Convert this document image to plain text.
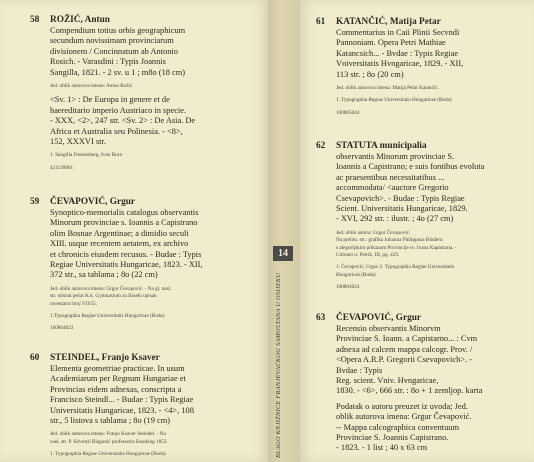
58 ROŽIĆ, Antun
Compendium totius orbis geographicum
secundum novissimam provinciarum
divisionem / Concinnatum ab Antonio
Rosich. - Varasdini : Typis Joannis
Sangilla, 1821. - 2 sv. u 1 ; m8o (18 cm)
Jed. oblik autorova imena: Antun Rožić.
<Sv. 1> : De Europa in genere et de
haereditario imperio Austriaco in specie.
- XXX, <2>, 247 str. <Sv. 2> : De Asia. De
Africa et Australia seu Polinesia. - <8>,
152, XXXVI str.
1. Sangilla Fressenberg, Ivan Đuro
421139001
59 ČEVAPOVIĆ, Grgur
Synoptico-memorialis catalogus observantis
Minorum provinciae s. Ioannis a Capistrano
olim Bosnae Argentinae; a dimidio seculi
XIII. usque recentem aetatem, ex archivo
et chronicis eiusdem recusus. - Budae : Typis
Regiae Universitatis Hungaricae, 1823. - XII,
372 str., sa tablama ; 8o (22 cm)
Jed. oblik autorova imena: Grgur Čevapović. - Na gl. nasl.
str. utisnut pečat K.k. Gymnasium zu Esseki upisan
inventarni broj VII/55.
1.Typographia Regiae Universitatis Hungaricae (Buda)
100804023
60 STEINDEL, Franjo Ksaver
Elementa geometriae practicae. In usum
Academiarum per Regnum Hungariae et
Provincias eidem adnexas, conscripta a
Francisco Steindl... - Budae : Typis Regiae
Universitatis Hungaricae, 1823. - <4>, 108
str., 5 listova s tablama ; 8o (19 cm)
Jed. oblik autorova imena: Franjo Ksaver Steindel. - Na
nasl. str. P. Silvestri Blagonić professoris Esseking 1853.
1. Typographia Regiae Universitatis Hungaricae (Buda)
14
BLAGO KNJIŽNICE FRANJEVAČKOG SAMOSTANA U OSIJEKU
61 KATANČIĆ, Matija Petar
Commentarius in Caii Plinii Secvndi
Pannoniam. Opera Petri Mathiae
Katancsich... - Bvdae : Typis Regiae
Vniversitatis Hvngaricae, 1829. - XII,
113 str. ; 8o (20 cm)
Jed. oblik autorova imena: Matija Petar Katančić.
1. Typographia Regiae Universitatis Hungaricae (Buda)
100805044
62 STATUTA municipalia
observantis Minorum provinciae S.
Ioannis a Capistrano; e suis fontibus evoluta
ac praesentibus necessitatibus ...
accommodata/ <auctore Gregorio
Csevapovich>. - Budae : Typis Regiae
Scient. Universitatis Hungaricae, 1829.
- XVI, 292 str. : ilustr. ; 4o (27 cm)
Jed. oblik autora: Grgur Čevapović.
Na prelim. str.: grafika Johanna Philippusa Binderu
s alegorijskim prikazom Provincije sv. Ivana Kapistrana. -
Citirano u: Petrik, III, pg. 429.
1. Čevapović, Grgur 2. Typographia Regiae Universitatis
Hungaricae (Buda)
100804024
63 ČEVAPOVIĆ, Grgur
Recensio observantis Minorvm
Provinciae S. Ioann. a Capistarno... : Cvm
adnexa ad calcem mappa calcogr. Prov. /
<Opera A.R.P. Gregorii Csevapovich>. -
Bvdae : Typis
Reg. scient. Vniv. Hvngaricae,
1830. - <6>, 666 str. : 8o + 1 zemljop. karta
Podatak o autoru preuzet iz uvoda; Jed.
oblik autorova imena: Grgur Čevapović.
-- Mappa calcographica conventuum
Provinciae S. Joannis Capistrano.
- 1823. - 1 list ; 40 x 63 cm
